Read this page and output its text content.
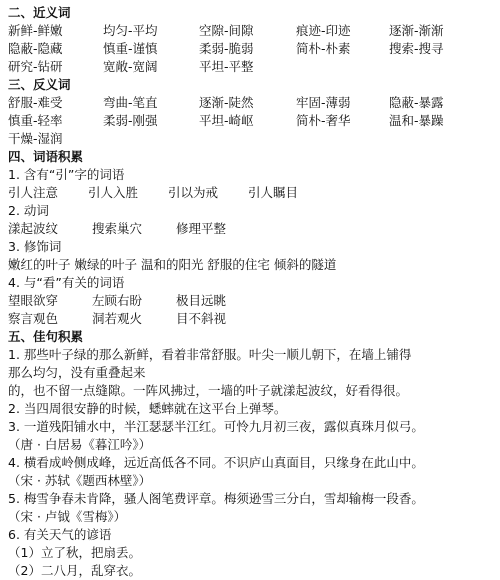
二、近义词
新鲜-鲜嫩	均匀-平均	空隙-间隙	痕迹-印迹	逐渐-渐渐
隐蔽-隐藏	慎重-谨慎	柔弱-脆弱	简朴-朴素	搜索-搜寻
研究-钻研	宽敞-宽阔	平坦-平整
三、反义词
舒服-难受	弯曲-笔直	逐渐-陡然	牢固-薄弱	隐蔽-暴露
慎重-轻率	柔弱-刚强	平坦-崎岖	简朴-奢华	温和-暴躁
干燥-湿润
四、词语积累
1. 含有“引”字的词语
引人注意 引人入胜 引以为戒 引人瞩目
2. 动词
漾起波纹	搜索巢穴	修理平整
3. 修饰词
嫩红的叶子 嫩绿的叶子 温和的阳光 舒服的住宅 倾斜的隧道
4. 与“看”有关的词语
望眼欲穿	左顾右盼	极目远眺
察言观色	洞若观火	目不斜视
五、佳句积累
1. 那些叶子绿的那么新鲜，看着非常舒服。叶尖一顺儿朝下，在墙上铺得
那么均匀，没有重叠起来
的，也不留一点缝隙。一阵风拂过，一墙的叶子就漾起波纹，好看得很。
2. 当四周很安静的时候，蟋蟀就在这平台上弹琴。
3. 一道残阳铺水中，半江瑟瑟半江红。可怜九月初三夜，露似真珠月似弓。
（唐 · 白居易《暮江吟》）
4. 横看成岭侧成峰，远近高低各不同。不识庐山真面目，只缘身在此山中。
（宋 · 苏轼《题西林壁》）
5. 梅雪争春未肯降，骚人阁笔费评章。梅须逊雪三分白，雪却输梅一段香。
（宋 · 卢钺《雪梅》）
6. 有关天气的谚语
（1）立了秋，把扇丢。
（2）二八月，乱穿衣。
